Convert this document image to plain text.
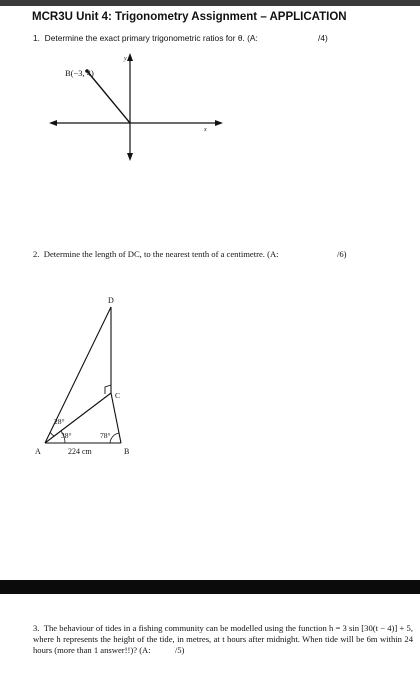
MCR3U Unit 4: Trigonometry Assignment – APPLICATION
1. Determine the exact primary trigonometric ratios for θ. (A:	/4)
B(−3, 4)
y
x
2. Determine the length of DC, to the nearest tenth of a centimetre. (A:	/6)
D
C
A	B
28°
38°	78°
224 cm
3. The behaviour of tides in a fishing community can be modelled using the function h = 3 sin [30(t − 4)] + 5, where h represents the height of the tide, in metres, at t hours after midnight. When tide will be 6m within 24 hours (more than 1 answer!!)? (A:	/5)
